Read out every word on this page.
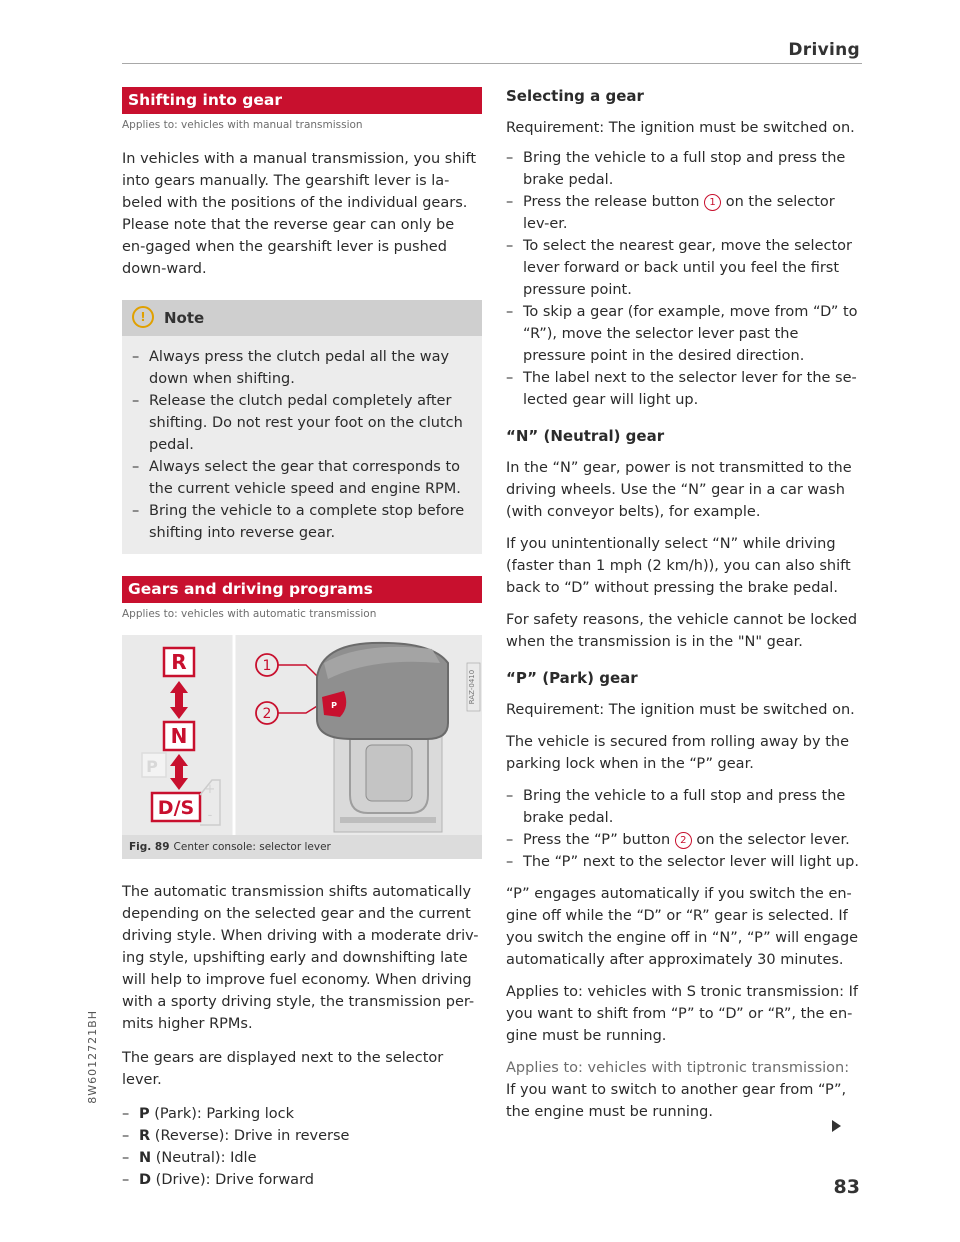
Driving
Shifting into gear
Applies to: vehicles with manual transmission

In vehicles with a manual transmission, you shift into gears manually. The gearshift lever is la-beled with the positions of the individual gears. Please note that the reverse gear can only be en-gaged when the gearshift lever is pushed down-ward.

! Note
– Always press the clutch pedal all the way down when shifting.
– Release the clutch pedal completely after shifting. Do not rest your foot on the clutch pedal.
– Always select the gear that corresponds to the current vehicle speed and engine RPM.
– Bring the vehicle to a complete stop before shifting into reverse gear.
Gears and driving programs
Applies to: vehicles with automatic transmission
R
N
P
D/S
+
-
1
2
P
RAZ-0410
Fig. 89 Center console: selector lever

The automatic transmission shifts automatically depending on the selected gear and the current driving style. When driving with a moderate driv-ing style, upshifting early and downshifting late will help to improve fuel economy. When driving with a sporty driving style, the transmission per-mits higher RPMs.

The gears are displayed next to the selector lever.

– P (Park): Parking lock
– R (Reverse): Drive in reverse
– N (Neutral): Idle
– D (Drive): Drive forward
Selecting a gear

Requirement: The ignition must be switched on.

– Bring the vehicle to a full stop and press the brake pedal.
– Press the release button 1 on the selector lev-er.
– To select the nearest gear, move the selector lever forward or back until you feel the first pressure point.
– To skip a gear (for example, move from “D” to “R”), move the selector lever past the pressure point in the desired direction.
– The label next to the selector lever for the se-lected gear will light up.
“N” (Neutral) gear

In the “N” gear, power is not transmitted to the driving wheels. Use the “N” gear in a car wash (with conveyor belts), for example.

If you unintentionally select “N” while driving (faster than 1 mph (2 km/h)), you can also shift back to “D” without pressing the brake pedal.

For safety reasons, the vehicle cannot be locked when the transmission is in the "N" gear.

“P” (Park) gear

Requirement: The ignition must be switched on.

The vehicle is secured from rolling away by the parking lock when in the “P” gear.

– Bring the vehicle to a full stop and press the brake pedal.
– Press the “P” button 2 on the selector lever.
– The “P” next to the selector lever will light up.

“P” engages automatically if you switch the en-gine off while the “D” or “R” gear is selected. If you switch the engine off in “N”, “P” will engage automatically after approximately 30 minutes.

Applies to: vehicles with S tronic transmission: If you want to shift from “P” to “D” or “R”, the en-gine must be running.

Applies to: vehicles with tiptronic transmission: If you want to switch to another gear from “P”, the engine must be running.

8W6012721BH
83
